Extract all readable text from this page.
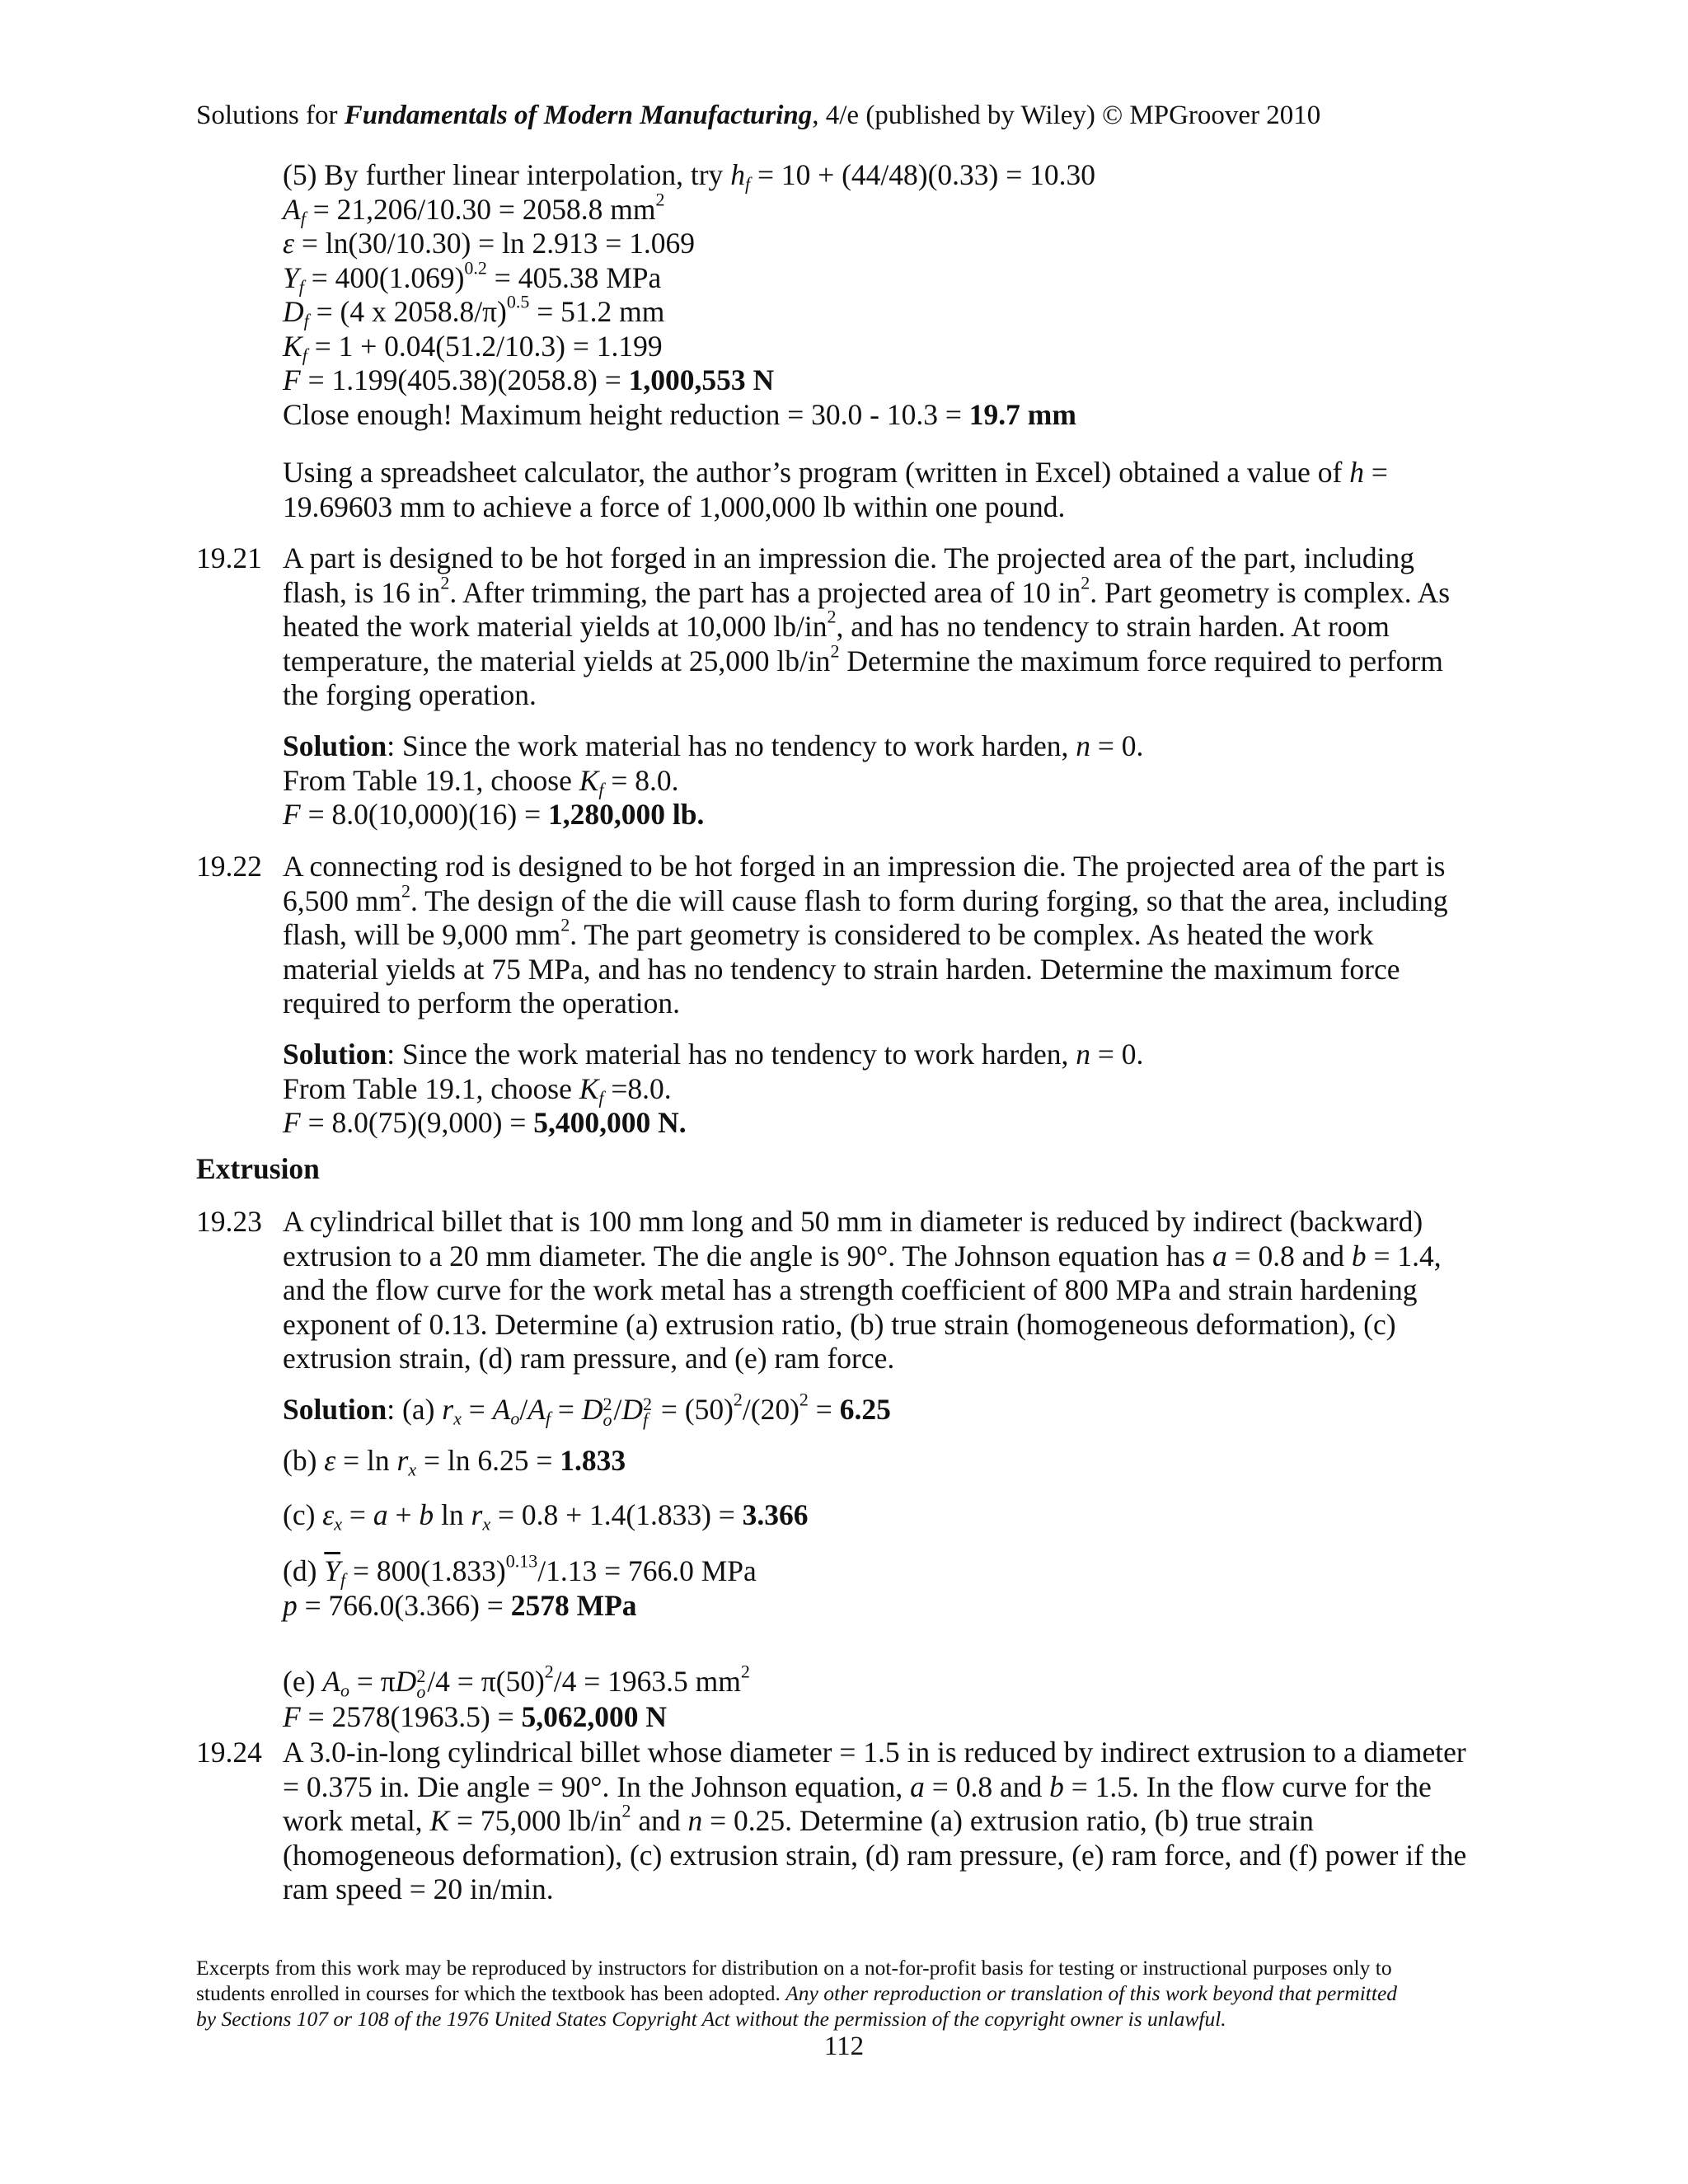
Solutions for Fundamentals of Modern Manufacturing, 4/e (published by Wiley) © MPGroover 2010
(5) By further linear interpolation, try $h_f = 10 + (44/48)(0.33) = 10.30$
$A_f = 21,206/10.30 = 2058.8$ $mm^2$
ε = ln(30/10.30) = ln 2.913 = 1.069
$Y_f = 400(1.069)^{0.2} = 405.38$ MPa
$D_f = (4$ x 2058.8/π)$^{0.5}$ = 51.2 mm
$K_f = 1 + 0.04(51.2/10.3) = 1.199$
F = 1.199(405.38)(2058.8) = 1,000,553 N
Close enough! Maximum height reduction = 30.0 - 10.3 = 19.7 mm
Using a spreadsheet calculator, the author’s program (written in Excel) obtained a value of h =
19.69603 mm to achieve a force of 1,000,000 lb within one pound.
19.21 A part is designed to be hot forged in an impression die. The projected area of the part, including
flash, is 16 $in^2$. After trimming, the part has a projected area of 10 $in^2$. Part geometry is complex. As
heated the work material yields at 10,000 $lb/in^2$, and has no tendency to strain harden. At room
temperature, the material yields at 25,000 $lb/in^2$ Determine the maximum force required to perform
the forging operation.
Solution: Since the work material has no tendency to work harden, n = 0.
From Table 19.1, choose $K_f = 8.0$.
F = 8.0(10,000)(16) = 1,280,000 lb.
19.22 A connecting rod is designed to be hot forged in an impression die. The projected area of the part is
6,500 $mm^2$. The design of the die will cause flash to form during forging, so that the area, including
flash, will be 9,000 $mm^2$. The part geometry is considered to be complex. As heated the work
material yields at 75 MPa, and has no tendency to strain harden. Determine the maximum force
required to perform the operation.
Solution: Since the work material has no tendency to work harden, n = 0.
From Table 19.1, choose $K_f =8.0$.
F = 8.0(75)(9,000) = 5,400,000 N.
Extrusion
19.23 A cylindrical billet that is 100 mm long and 50 mm in diameter is reduced by indirect (backward)
extrusion to a 20 mm diameter. The die angle is 90°. The Johnson equation has a = 0.8 and b = 1.4,
and the flow curve for the work metal has a strength coefficient of 800 MPa and strain hardening
exponent of 0.13. Determine (a) extrusion ratio, (b) true strain (homogeneous deformation), (c)
extrusion strain, (d) ram pressure, and (e) ram force.
Solution: (a) $r_x = A_o/A_f = D$ 2
o /D 2
$f = (50)^2/(20)^2 = 6.25$
(b) $\varepsilon = \ln r_x = \ln 6.25 = 1.833$
(c) $\varepsilon_x = a + b$ $\ln r_x = 0.8 + 1.4(1.833) = 3.366$
(d) $\overline{Y}_f = 800(1.833)^{0.13}/1.13 = 766.0$ MPa
p = 766.0(3.366) = 2578 MPa
(e) $A_o = \pi D$ 2
o $/4 = \pi(50)^2/4 = 1963.5$ $mm^2$
F = 2578(1963.5) = 5,062,000 N
19.24 A 3.0-in-long cylindrical billet whose diameter = 1.5 in is reduced by indirect extrusion to a diameter
= 0.375 in. Die angle = 90°. In the Johnson equation, a = 0.8 and b = 1.5. In the flow curve for the
work metal, K = 75,000 $lb/in^2$ and n = 0.25. Determine (a) extrusion ratio, (b) true strain
(homogeneous deformation), (c) extrusion strain, (d) ram pressure, (e) ram force, and (f) power if the
ram speed = 20 in/min.
Excerpts from this work may be reproduced by instructors for distribution on a not-for-profit basis for testing or instructional purposes only to
students enrolled in courses for which the textbook has been adopted. Any other reproduction or translation of this work beyond that permitted
by Sections 107 or 108 of the 1976 United States Copyright Act without the permission of the copyright owner is unlawful.
112
